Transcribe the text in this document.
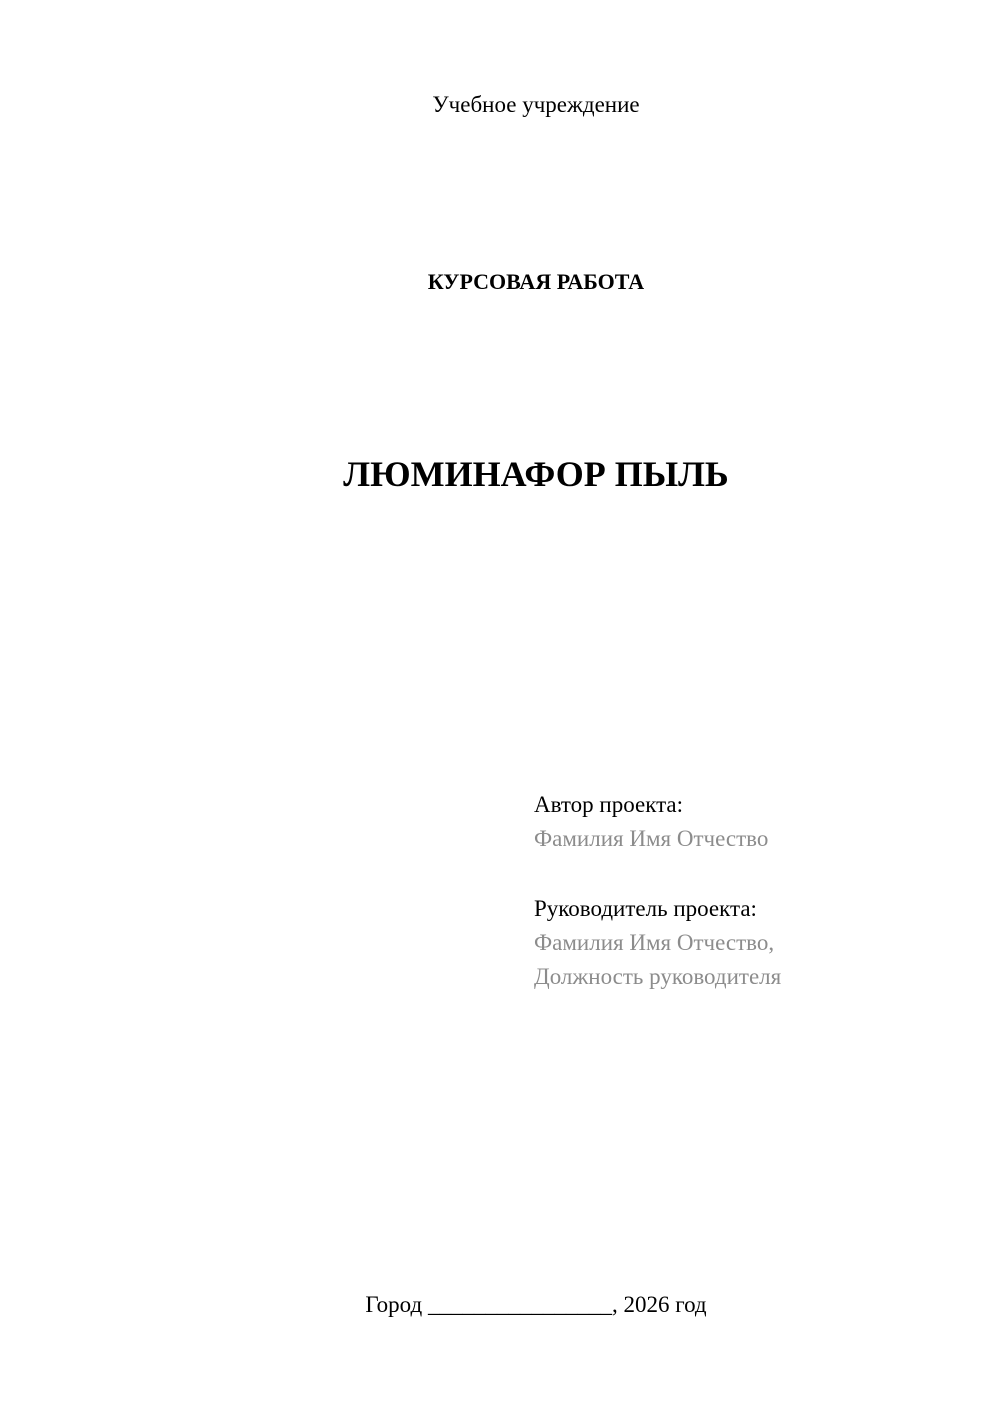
Учебное учреждение
КУРСОВАЯ РАБОТА
ЛЮМИНАФОР ПЫЛЬ
Автор проекта:
Фамилия Имя Отчество
Руководитель проекта:
Фамилия Имя Отчество,
Должность руководителя
Город ________________, 2026 год
